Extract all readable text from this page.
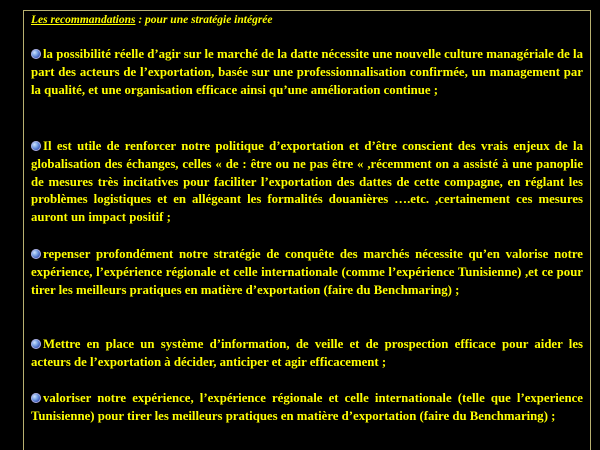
Les recommandations : pour une stratégie intégrée
la possibilité réelle d’agir sur le marché de la datte nécessite une nouvelle culture managériale de la part des acteurs de l’exportation, basée sur une professionnalisation confirmée, un management par la qualité, et une organisation efficace ainsi qu’une amélioration continue ;
Il est utile de renforcer notre politique d’exportation et d’être conscient des vrais enjeux de la globalisation des échanges, celles « de : être ou ne pas être « ,récemment on a assisté à une panoplie de mesures très incitatives pour faciliter l’exportation des dattes de cette compagne, en réglant les problèmes logistiques et en allégeant les formalités douanières ….etc. ,certainement ces mesures auront un impact positif ;
repenser profondément notre stratégie de conquête des marchés nécessite qu’en valorise notre expérience, l’expérience régionale et celle internationale (comme l’expérience Tunisienne) ,et ce pour tirer les meilleurs pratiques en matière d’exportation (faire du Benchmaring) ;
Mettre en place un système d’information, de veille et de prospection efficace pour aider les acteurs de l’exportation à décider, anticiper et agir efficacement ;
valoriser notre expérience, l’expérience régionale et celle internationale (telle que l’experience Tunisienne) pour tirer les meilleurs pratiques en matière d’exportation (faire du Benchmaring) ;
